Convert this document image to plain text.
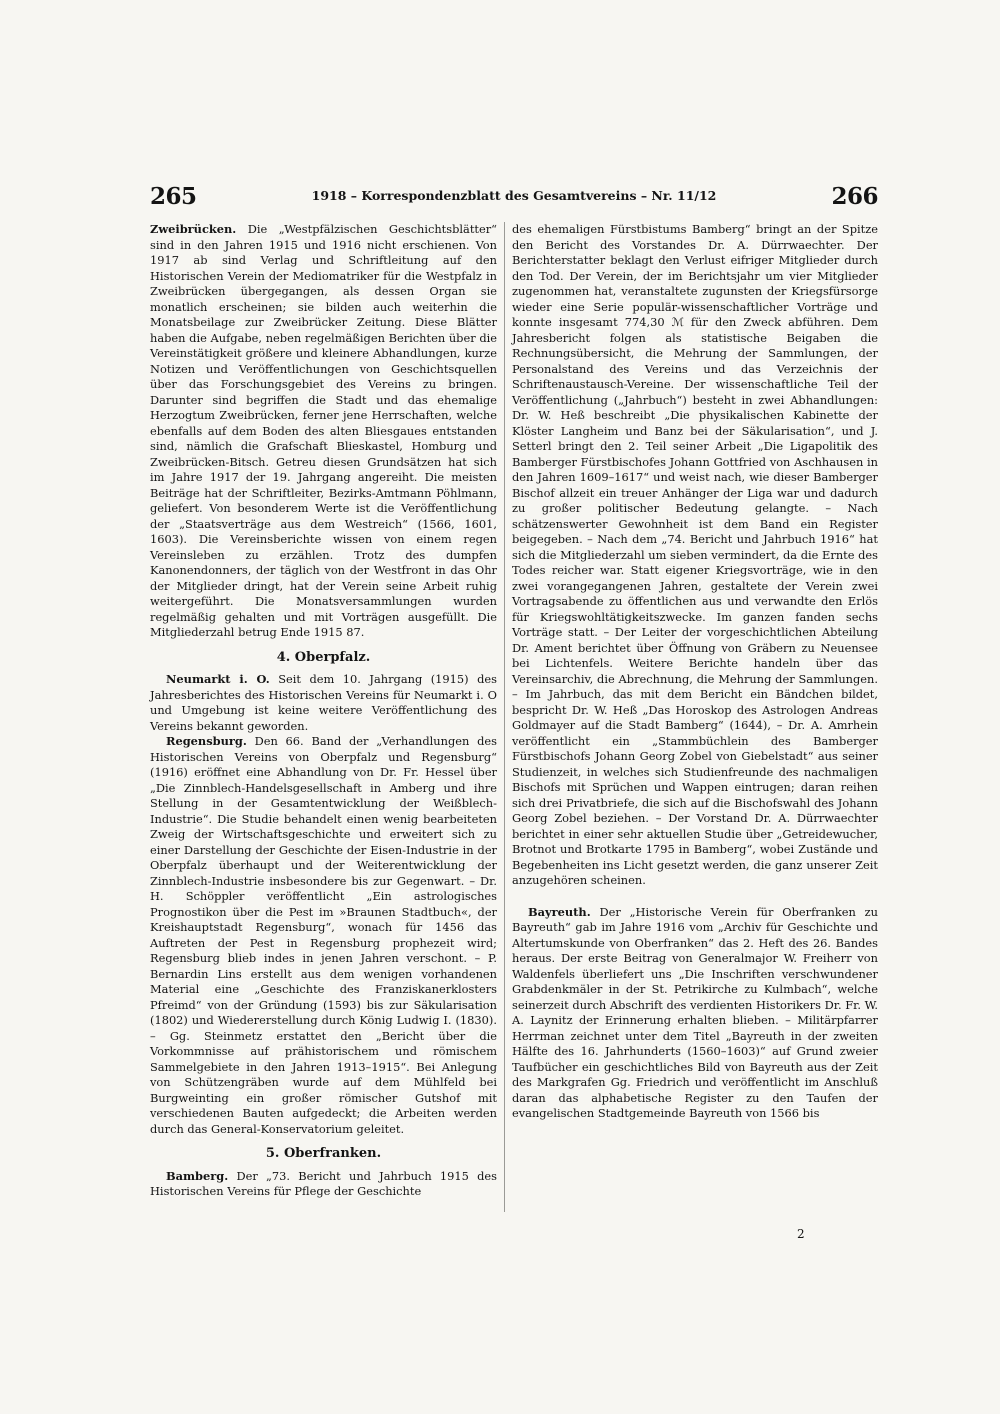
265	1918 – Korrespondenzblatt des Gesamtvereins – Nr. 11/12	266

Zweibrücken. Die „Westpfälzischen Geschichtsblätter“ sind in den Jahren 1915 und 1916 nicht erschienen. Von 1917 ab sind Verlag und Schriftleitung auf den Historischen Verein der Mediomatriker für die Westpfalz in Zweibrücken übergegangen, als dessen Organ sie monatlich erscheinen; sie bilden auch weiterhin die Monatsbeilage zur Zweibrücker Zeitung. Diese Blätter haben die Aufgabe, neben regelmäßigen Berichten über die Vereinstätigkeit größere und kleinere Abhandlungen, kurze Notizen und Veröffentlichungen von Geschichtsquellen über das Forschungsgebiet des Vereins zu bringen. Darunter sind begriffen die Stadt und das ehemalige Herzogtum Zweibrücken, ferner jene Herrschaften, welche ebenfalls auf dem Boden des alten Bliesgaues entstanden sind, nämlich die Grafschaft Blieskastel, Homburg und Zweibrücken-Bitsch. Getreu diesen Grundsätzen hat sich im Jahre 1917 der 19. Jahrgang angereiht. Die meisten Beiträge hat der Schriftleiter, Bezirks-Amtmann Pöhlmann, geliefert. Von besonderem Werte ist die Veröffentlichung der „Staatsverträge aus dem Westreich“ (1566, 1601, 1603). Die Vereinsberichte wissen von einem regen Vereinsleben zu erzählen. Trotz des dumpfen Kanonendonners, der täglich von der Westfront in das Ohr der Mitglieder dringt, hat der Verein seine Arbeit ruhig weitergeführt. Die Monatsversammlungen wurden regelmäßig gehalten und mit Vorträgen ausgefüllt. Die Mitgliederzahl betrug Ende 1915 87.

4. Oberpfalz.

Neumarkt i. O. Seit dem 10. Jahrgang (1915) des Jahresberichtes des Historischen Vereins für Neumarkt i. O und Umgebung ist keine weitere Veröffentlichung des Vereins bekannt geworden.

Regensburg. Den 66. Band der „Verhandlungen des Historischen Vereins von Oberpfalz und Regensburg“ (1916) eröffnet eine Abhandlung von Dr. Fr. Hessel über „Die Zinnblech-Handelsgesellschaft in Amberg und ihre Stellung in der Gesamtentwicklung der Weißblech-Industrie“. Die Studie behandelt einen wenig bearbeiteten Zweig der Wirtschaftsgeschichte und erweitert sich zu einer Darstellung der Geschichte der Eisen-Industrie in der Oberpfalz überhaupt und der Weiterentwicklung der Zinnblech-Industrie insbesondere bis zur Gegenwart. – Dr. H. Schöppler veröffentlicht „Ein astrologisches Prognostikon über die Pest im »Braunen Stadtbuch«, der Kreishauptstadt Regensburg“, wonach für 1456 das Auftreten der Pest in Regensburg prophezeit wird; Regensburg blieb indes in jenen Jahren verschont. – P. Bernardin Lins erstellt aus dem wenigen vorhandenen Material eine „Geschichte des Franziskanerklosters Pfreimd“ von der Gründung (1593) bis zur Säkularisation (1802) und Wiedererstellung durch König Ludwig I. (1830). – Gg. Steinmetz erstattet den „Bericht über die Vorkommnisse auf prähistorischem und römischem Sammelgebiete in den Jahren 1913–1915“. Bei Anlegung von Schützengräben wurde auf dem Mühlfeld bei Burgweinting ein großer römischer Gutshof mit verschiedenen Bauten aufgedeckt; die Arbeiten werden durch das General-Konservatorium geleitet.

5. Oberfranken.

Bamberg. Der „73. Bericht und Jahrbuch 1915 des Historischen Vereins für Pflege der Geschichte

des ehemaligen Fürstbistums Bamberg“ bringt an der Spitze den Bericht des Vorstandes Dr. A. Dürrwaechter. Der Berichterstatter beklagt den Verlust eifriger Mitglieder durch den Tod. Der Verein, der im Berichtsjahr um vier Mitglieder zugenommen hat, veranstaltete zugunsten der Kriegsfürsorge wieder eine Serie populär-wissenschaftlicher Vorträge und konnte insgesamt 774,30 ℳ für den Zweck abführen. Dem Jahresbericht folgen als statistische Beigaben die Rechnungsübersicht, die Mehrung der Sammlungen, der Personalstand des Vereins und das Verzeichnis der Schriftenaustausch-Vereine. Der wissenschaftliche Teil der Veröffentlichung („Jahrbuch“) besteht in zwei Abhandlungen: Dr. W. Heß beschreibt „Die physikalischen Kabinette der Klöster Langheim und Banz bei der Säkularisation“, und J. Setterl bringt den 2. Teil seiner Arbeit „Die Ligapolitik des Bamberger Fürstbischofes Johann Gottfried von Aschhausen in den Jahren 1609–1617“ und weist nach, wie dieser Bamberger Bischof allzeit ein treuer Anhänger der Liga war und dadurch zu großer politischer Bedeutung gelangte. – Nach schätzenswerter Gewohnheit ist dem Band ein Register beigegeben. – Nach dem „74. Bericht und Jahrbuch 1916“ hat sich die Mitgliederzahl um sieben vermindert, da die Ernte des Todes reicher war. Statt eigener Kriegsvorträge, wie in den zwei vorangegangenen Jahren, gestaltete der Verein zwei Vortragsabende zu öffentlichen aus und verwandte den Erlös für Kriegswohltätigkeitszwecke. Im ganzen fanden sechs Vorträge statt. – Der Leiter der vorgeschichtlichen Abteilung Dr. Ament berichtet über Öffnung von Gräbern zu Neuensee bei Lichtenfels. Weitere Berichte handeln über das Vereinsarchiv, die Abrechnung, die Mehrung der Sammlungen. – Im Jahrbuch, das mit dem Bericht ein Bändchen bildet, bespricht Dr. W. Heß „Das Horoskop des Astrologen Andreas Goldmayer auf die Stadt Bamberg“ (1644), – Dr. A. Amrhein veröffentlicht ein „Stammbüchlein des Bamberger Fürstbischofs Johann Georg Zobel von Giebelstadt“ aus seiner Studienzeit, in welches sich Studienfreunde des nachmaligen Bischofs mit Sprüchen und Wappen eintrugen; daran reihen sich drei Privatbriefe, die sich auf die Bischofswahl des Johann Georg Zobel beziehen. – Der Vorstand Dr. A. Dürrwaechter berichtet in einer sehr aktuellen Studie über „Getreidewucher, Brotnot und Brotkarte 1795 in Bamberg“, wobei Zustände und Begebenheiten ins Licht gesetzt werden, die ganz unserer Zeit anzugehören scheinen.

Bayreuth. Der „Historische Verein für Oberfranken zu Bayreuth“ gab im Jahre 1916 vom „Archiv für Geschichte und Altertumskunde von Oberfranken“ das 2. Heft des 26. Bandes heraus. Der erste Beitrag von Generalmajor W. Freiherr von Waldenfels überliefert uns „Die Inschriften verschwundener Grabdenkmäler in der St. Petrikirche zu Kulmbach“, welche seinerzeit durch Abschrift des verdienten Historikers Dr. Fr. W. A. Laynitz der Erinnerung erhalten blieben. – Militärpfarrer Herrman zeichnet unter dem Titel „Bayreuth in der zweiten Hälfte des 16. Jahrhunderts (1560–1603)“ auf Grund zweier Taufbücher ein geschichtliches Bild von Bayreuth aus der Zeit des Markgrafen Gg. Friedrich und veröffentlicht im Anschluß daran das alphabetische Register zu den Taufen der evangelischen Stadtgemeinde Bayreuth von 1566 bis

2
